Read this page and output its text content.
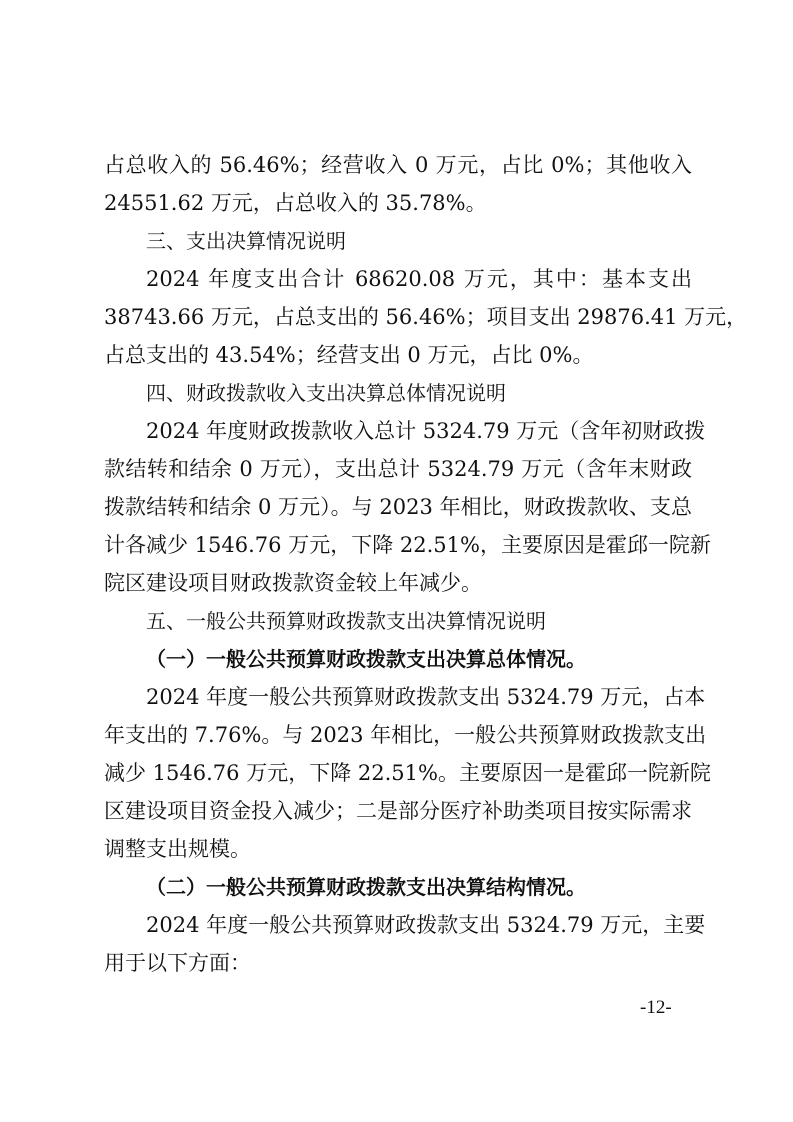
占总收入的 56.46%；经营收入 0 万元，占比 0%；其他收入
24551.62 万元，占总收入的 35.78%。
三、支出决算情况说明
2024 年度支出合计 68620.08 万元，其中：基本支出
38743.66 万元，占总支出的 56.46%；项目支出 29876.41 万元，
占总支出的 43.54%；经营支出 0 万元，占比 0%。
四、财政拨款收入支出决算总体情况说明
2024 年度财政拨款收入总计 5324.79 万元（含年初财政拨
款结转和结余 0 万元），支出总计 5324.79 万元（含年末财政
拨款结转和结余 0 万元）。与 2023 年相比，财政拨款收、支总
计各减少 1546.76 万元，下降 22.51%，主要原因是霍邱一院新
院区建设项目财政拨款资金较上年减少。
五、一般公共预算财政拨款支出决算情况说明
（一）一般公共预算财政拨款支出决算总体情况。
2024 年度一般公共预算财政拨款支出 5324.79 万元，占本
年支出的 7.76%。与 2023 年相比，一般公共预算财政拨款支出
减少 1546.76 万元，下降 22.51%。主要原因一是霍邱一院新院
区建设项目资金投入减少；二是部分医疗补助类项目按实际需求
调整支出规模。
（二）一般公共预算财政拨款支出决算结构情况。
2024 年度一般公共预算财政拨款支出 5324.79 万元，主要
用于以下方面：
-12-
